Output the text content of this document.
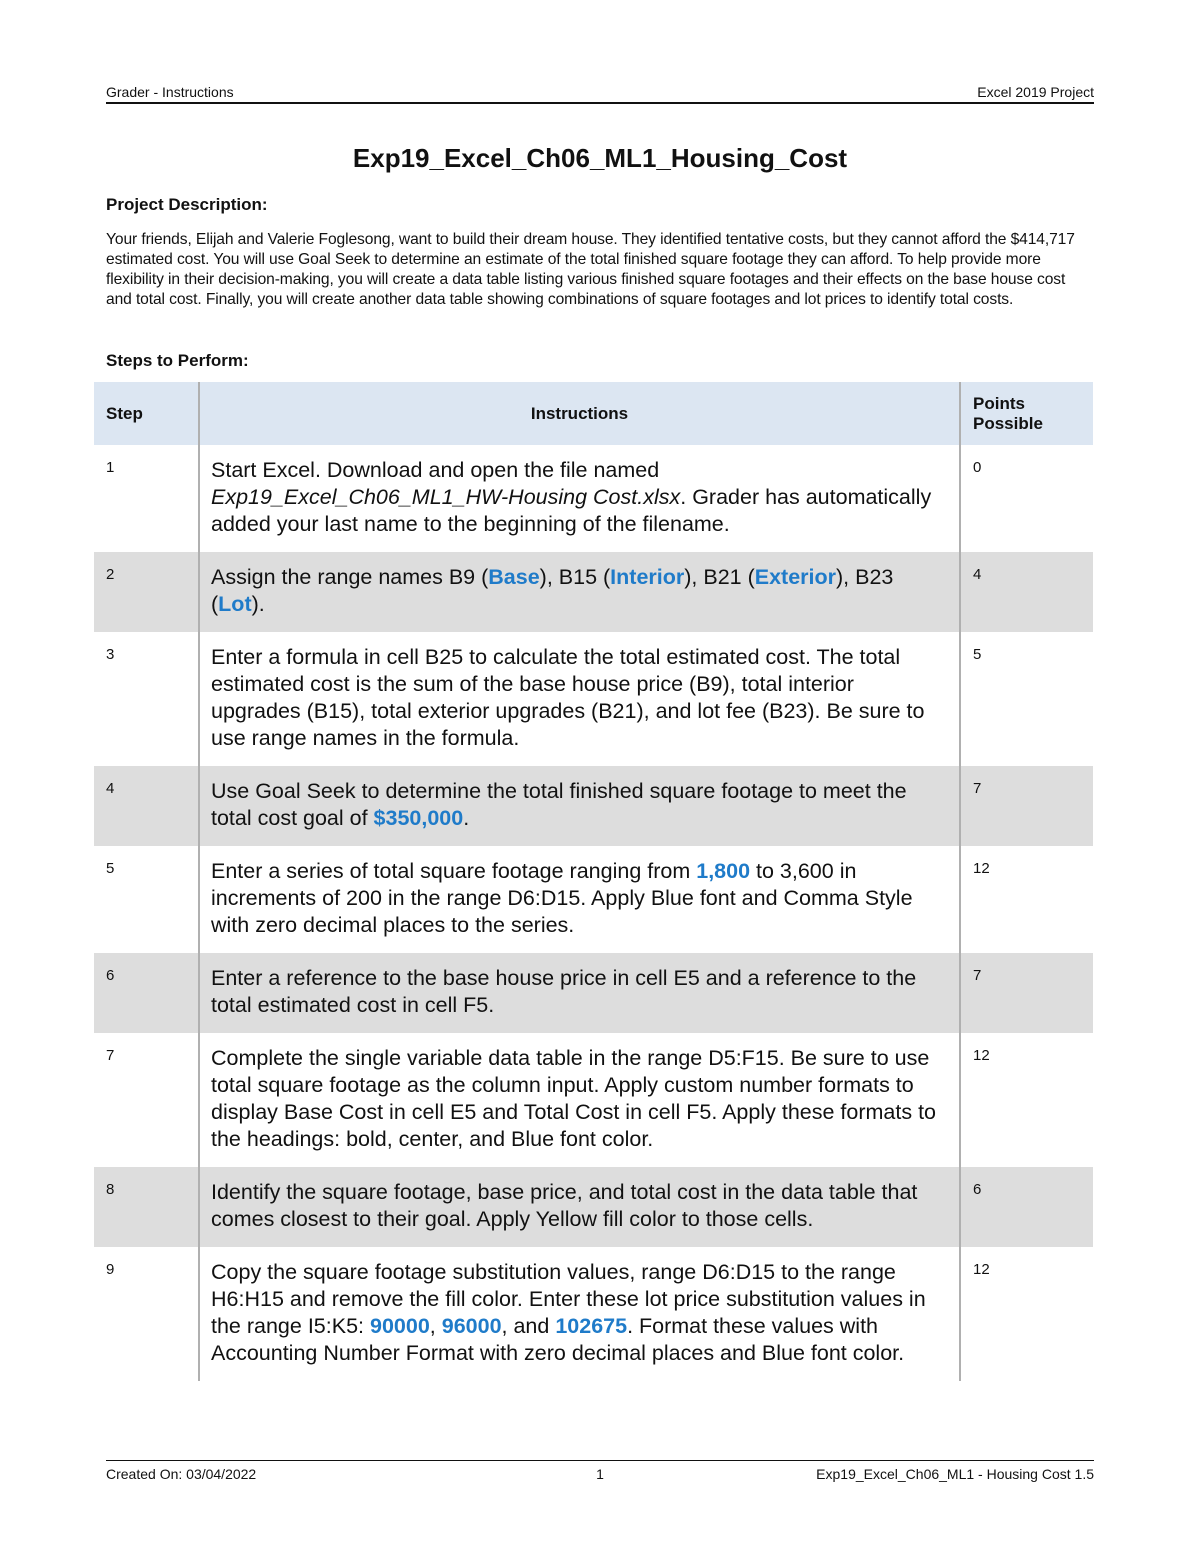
Grader - Instructions	Excel 2019 Project
Exp19_Excel_Ch06_ML1_Housing_Cost
Project Description:
Your friends, Elijah and Valerie Foglesong, want to build their dream house. They identified tentative costs, but they cannot afford the $414,717 estimated cost. You will use Goal Seek to determine an estimate of the total finished square footage they can afford. To help provide more flexibility in their decision-making, you will create a data table listing various finished square footages and their effects on the base house cost and total cost. Finally, you will create another data table showing combinations of square footages and lot prices to identify total costs.
Steps to Perform:
Step	Instructions	Points Possible
1	Start Excel. Download and open the file named Exp19_Excel_Ch06_ML1_HW-Housing Cost.xlsx. Grader has automatically added your last name to the beginning of the filename.	0
2	Assign the range names B9 (Base), B15 (Interior), B21 (Exterior), B23 (Lot).	4
3	Enter a formula in cell B25 to calculate the total estimated cost. The total estimated cost is the sum of the base house price (B9), total interior upgrades (B15), total exterior upgrades (B21), and lot fee (B23). Be sure to use range names in the formula.	5
4	Use Goal Seek to determine the total finished square footage to meet the total cost goal of $350,000.	7
5	Enter a series of total square footage ranging from 1,800 to 3,600 in increments of 200 in the range D6:D15. Apply Blue font and Comma Style with zero decimal places to the series.	12
6	Enter a reference to the base house price in cell E5 and a reference to the total estimated cost in cell F5.	7
7	Complete the single variable data table in the range D5:F15. Be sure to use total square footage as the column input. Apply custom number formats to display Base Cost in cell E5 and Total Cost in cell F5. Apply these formats to the headings: bold, center, and Blue font color.	12
8	Identify the square footage, base price, and total cost in the data table that comes closest to their goal. Apply Yellow fill color to those cells.	6
9	Copy the square footage substitution values, range D6:D15 to the range H6:H15 and remove the fill color. Enter these lot price substitution values in the range I5:K5: 90000, 96000, and 102675. Format these values with Accounting Number Format with zero decimal places and Blue font color.	12
Created On: 03/04/2022	1	Exp19_Excel_Ch06_ML1 - Housing Cost 1.5
